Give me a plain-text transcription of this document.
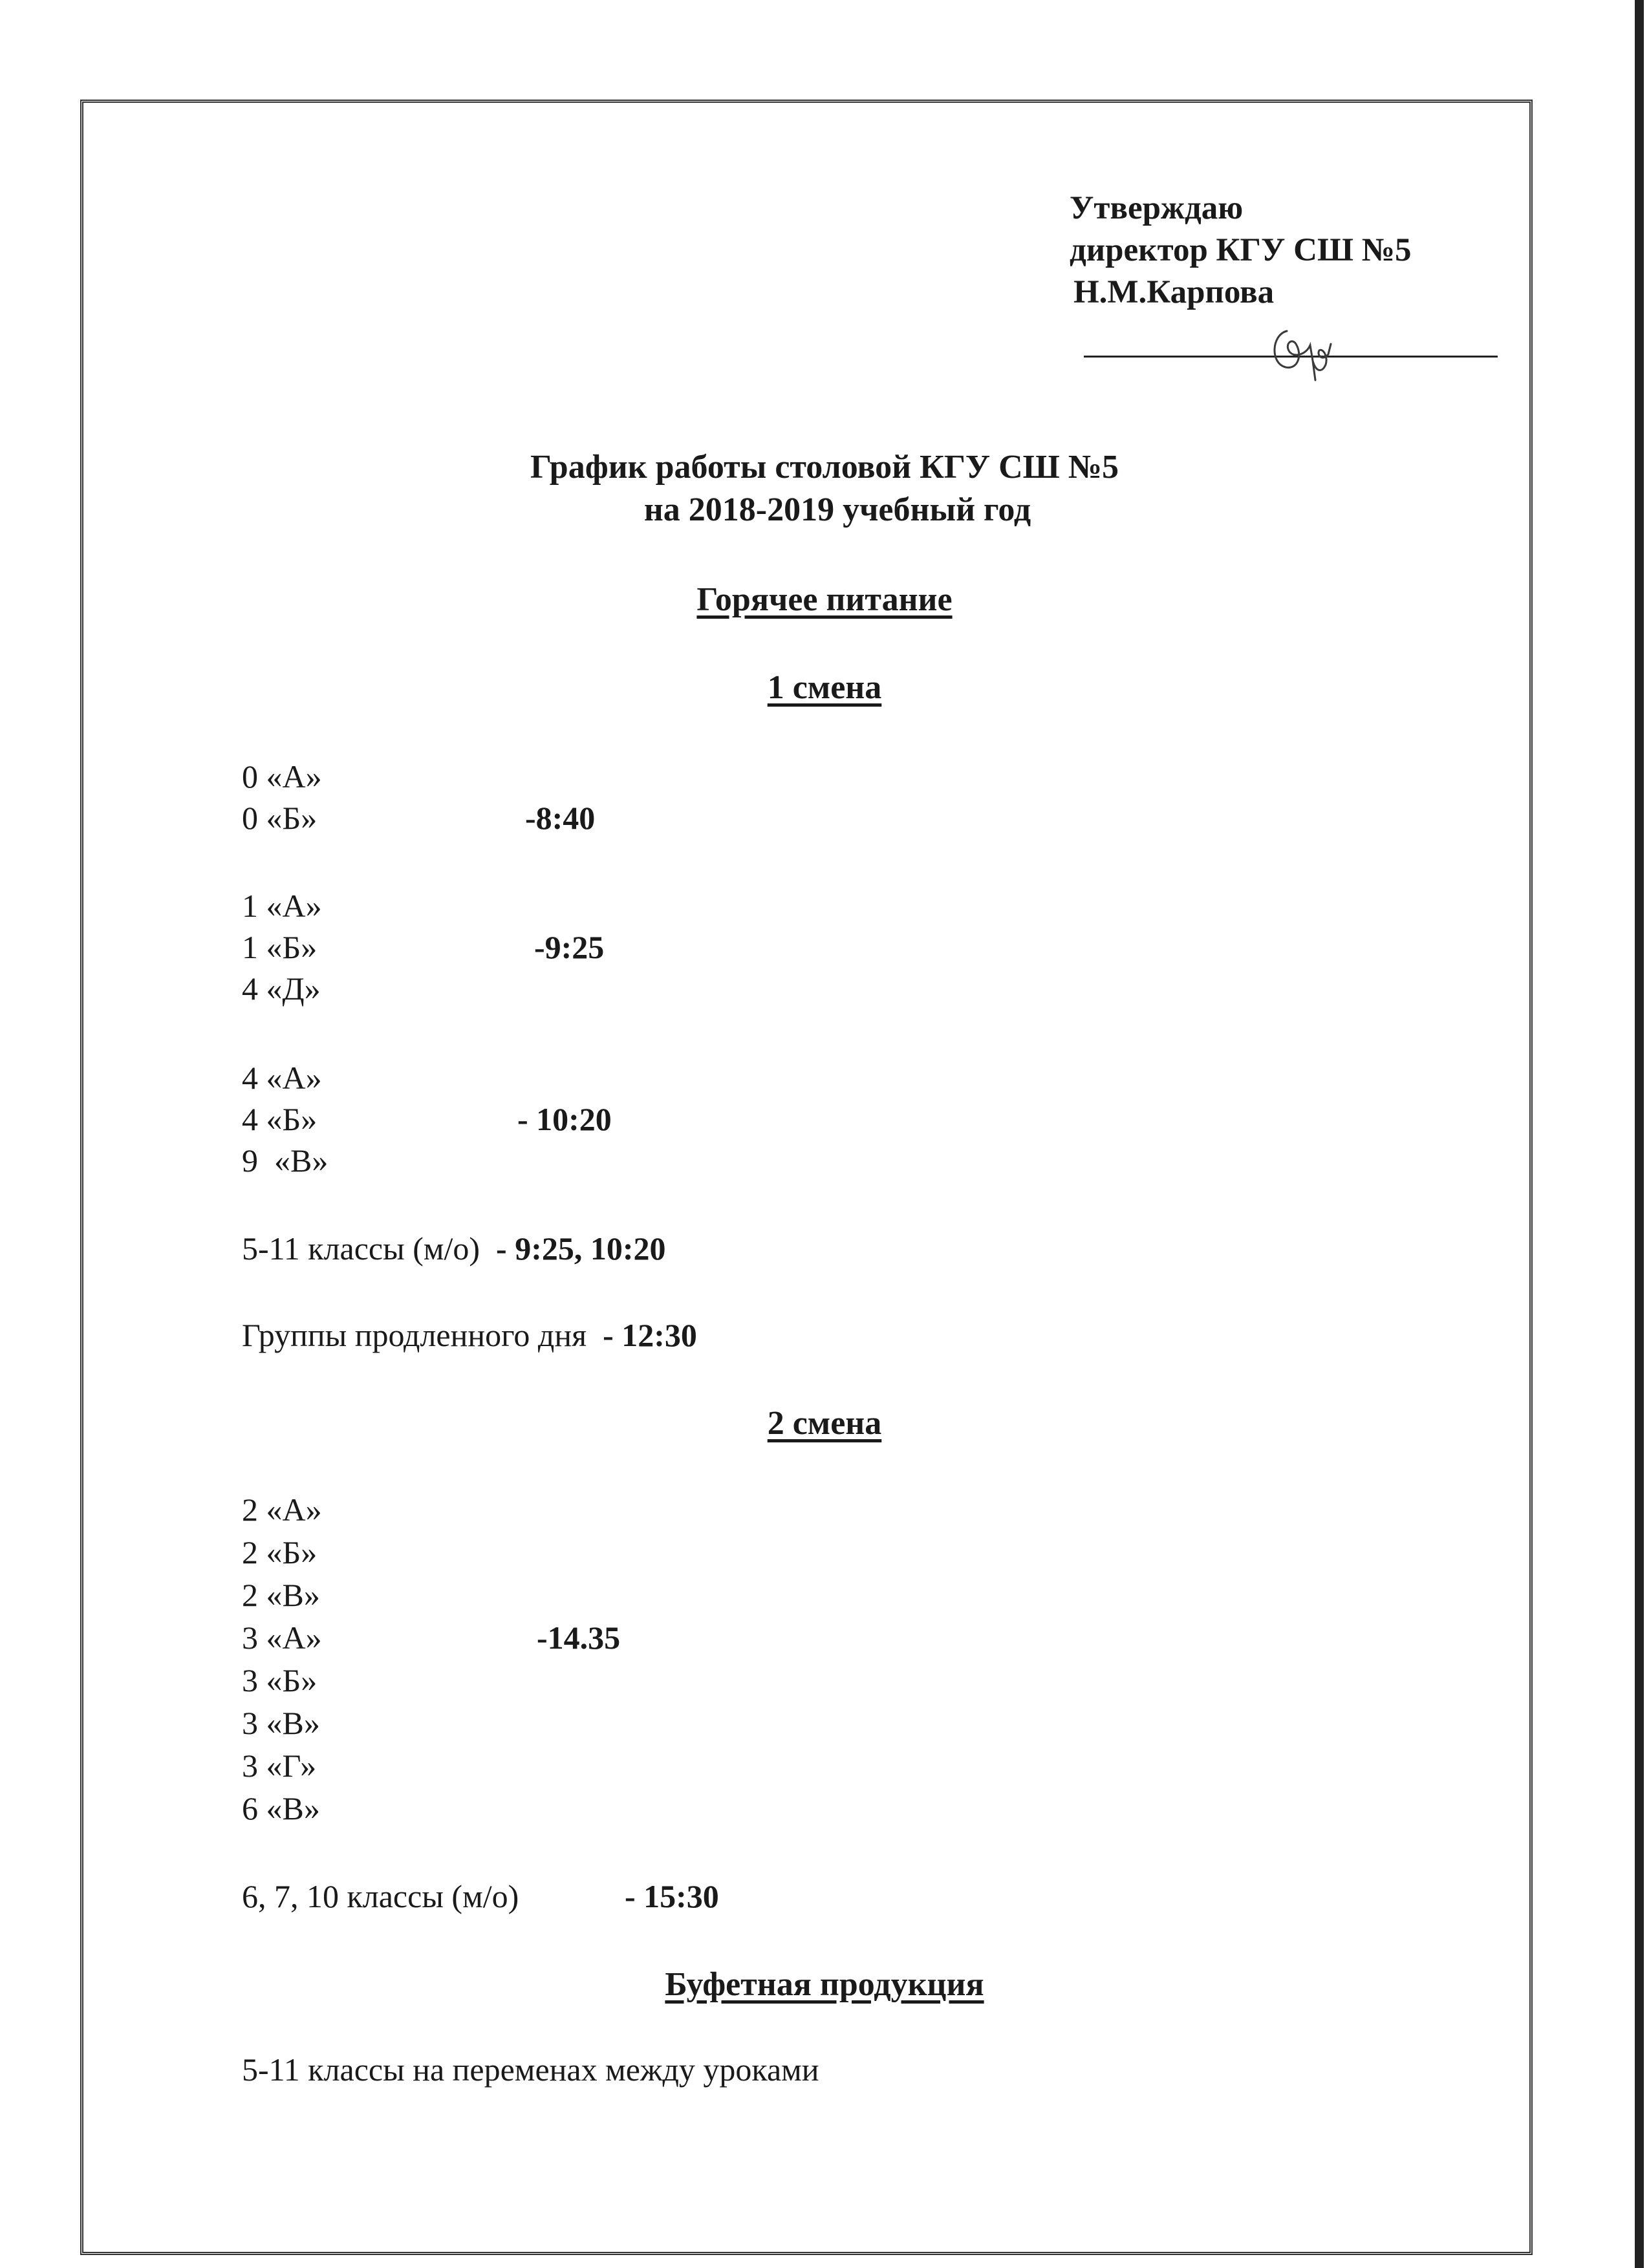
Утверждаю
директор КГУ СШ №5
Н.М.Карпова
График работы столовой КГУ СШ №5
на 2018-2019 учебный год
Горячее питание
1 смена
0 «А»
0 «Б»	-8:40
1 «А»
1 «Б»
4 «Д»
-9:25
4 «А»
4 «Б»
9  «В»
- 10:20
5-11 классы (м/о)  - 9:25, 10:20
Группы продленного дня  - 12:30
2 смена
2 «А»
2 «Б»
2 «В»
3 «А»
3 «Б»
3 «В»
3 «Г»
6 «В»
-14.35
6, 7, 10 классы (м/о)	- 15:30
Буфетная продукция
5-11 классы на переменах между уроками
